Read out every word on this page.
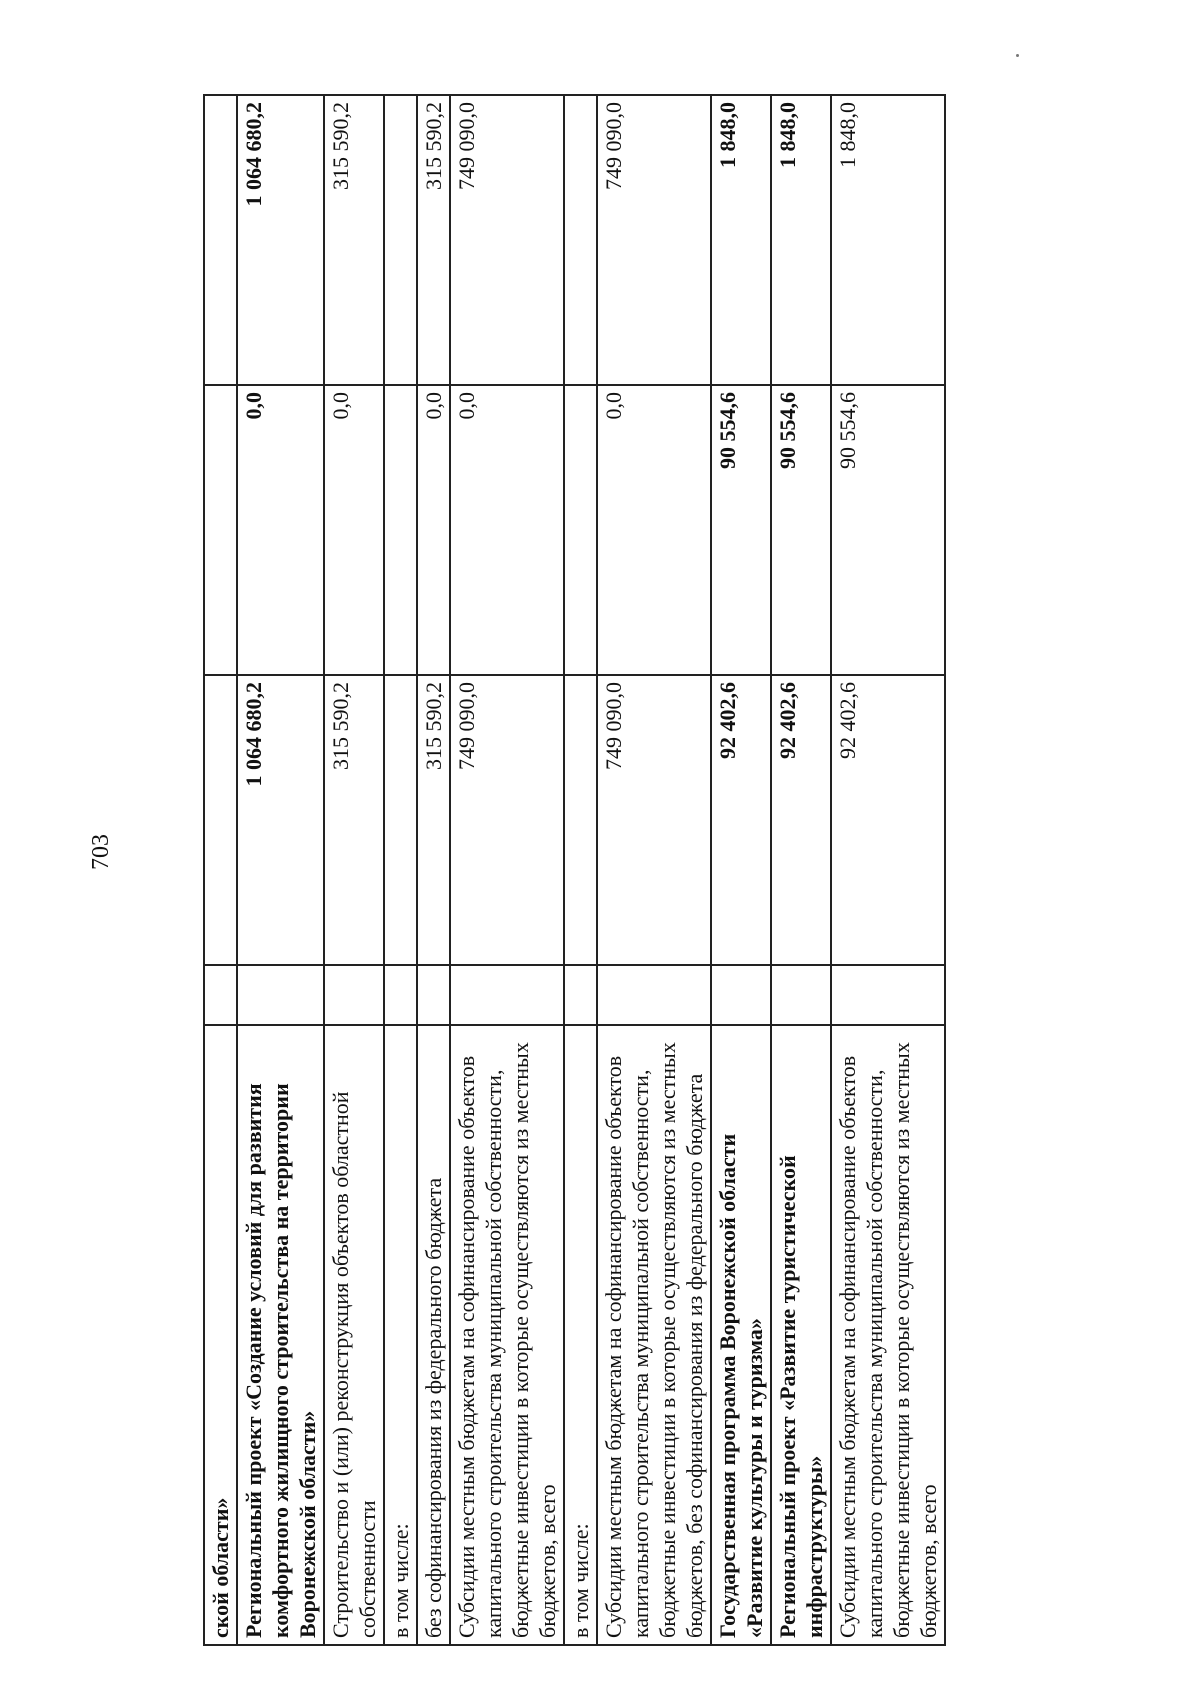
703
ской области»				
Региональный проект «Создание условий для развития комфортного жилищного строительства на территории Воронежской области»		1 064 680,2	0,0	1 064 680,2
Строительство и (или) реконструкция объектов областной собственности		315 590,2	0,0	315 590,2
в том числе:				
без софинансирования из федерального бюджета		315 590,2	0,0	315 590,2
Субсидии местным бюджетам на софинансирование объектов капитального строительства муниципальной собственности, бюджетные инвестиции в которые осуществляются из местных бюджетов, всего		749 090,0	0,0	749 090,0
в том числе:				
Субсидии местным бюджетам на софинансирование объектов капитального строительства муниципальной собственности, бюджетные инвестиции в которые осуществляются из местных бюджетов, без софинансирования из федерального бюджета		749 090,0	0,0	749 090,0
Государственная программа Воронежской области «Развитие культуры и туризма»		92 402,6	90 554,6	1 848,0
Региональный проект «Развитие туристической инфраструктуры»		92 402,6	90 554,6	1 848,0
Субсидии местным бюджетам на софинансирование объектов капитального строительства муниципальной собственности, бюджетные инвестиции в которые осуществляются из местных бюджетов, всего		92 402,6	90 554,6	1 848,0
